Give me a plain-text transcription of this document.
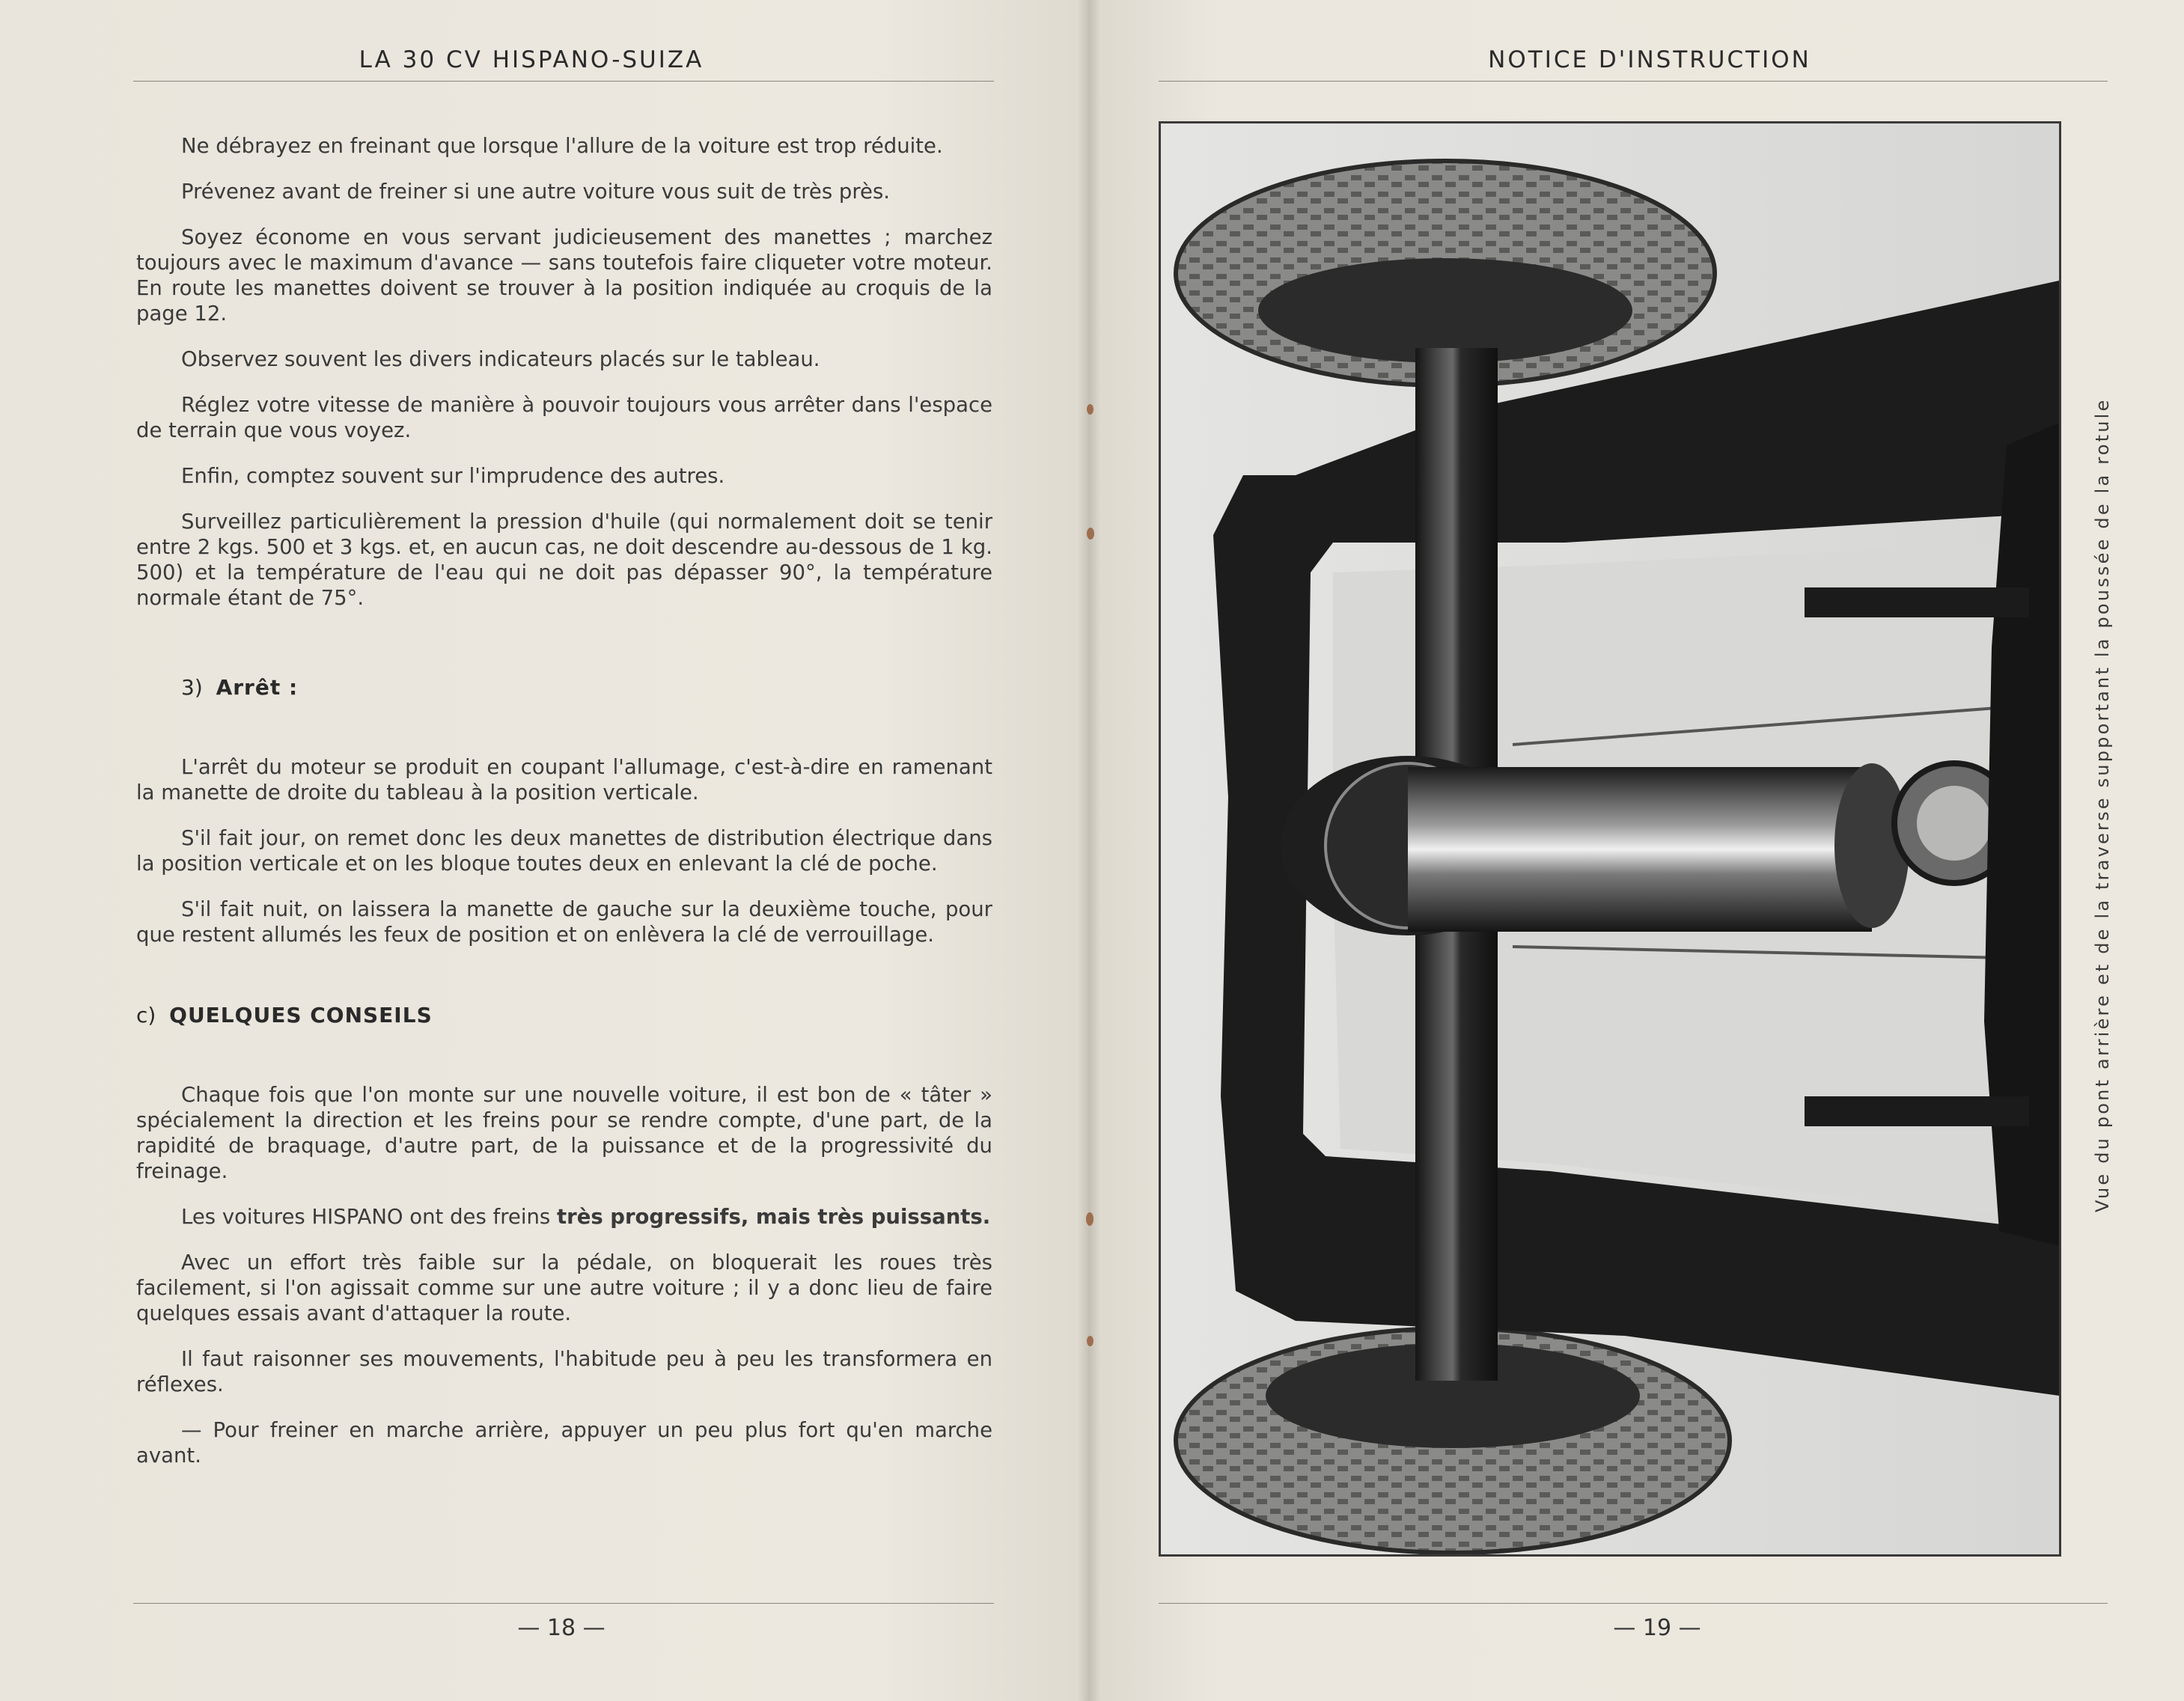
LA 30 CV HISPANO-SUIZA

Ne débrayez en freinant que lorsque l'allure de la voiture est trop réduite.

Prévenez avant de freiner si une autre voiture vous suit de très près.

Soyez économe en vous servant judicieusement des manettes ; marchez toujours avec le maximum d'avance — sans toutefois faire cliqueter votre moteur. En route les manettes doivent se trouver à la position indiquée au croquis de la page 12.

Observez souvent les divers indicateurs placés sur le tableau.

Réglez votre vitesse de manière à pouvoir toujours vous arrêter dans l'espace de terrain que vous voyez.

Enfin, comptez souvent sur l'imprudence des autres.

Surveillez particulièrement la pression d'huile (qui normalement doit se tenir entre 2 kgs. 500 et 3 kgs. et, en aucun cas, ne doit descendre au-dessous de 1 kg. 500) et la température de l'eau qui ne doit pas dépasser 90°, la température normale étant de 75°.

3) Arrêt :

L'arrêt du moteur se produit en coupant l'allumage, c'est-à-dire en ramenant la manette de droite du tableau à la position verticale.

S'il fait jour, on remet donc les deux manettes de distribution électrique dans la position verticale et on les bloque toutes deux en enlevant la clé de poche.

S'il fait nuit, on laissera la manette de gauche sur la deuxième touche, pour que restent allumés les feux de position et on enlèvera la clé de verrouillage.

c) QUELQUES CONSEILS

Chaque fois que l'on monte sur une nouvelle voiture, il est bon de « tâter » spécialement la direction et les freins pour se rendre compte, d'une part, de la rapidité de braquage, d'autre part, de la puissance et de la progressivité du freinage.

Les voitures HISPANO ont des freins très progressifs, mais très puissants.

Avec un effort très faible sur la pédale, on bloquerait les roues très facilement, si l'on agissait comme sur une autre voiture ; il y a donc lieu de faire quelques essais avant d'attaquer la route.

Il faut raisonner ses mouvements, l'habitude peu à peu les transformera en réflexes.

— Pour freiner en marche arrière, appuyer un peu plus fort qu'en marche avant.

— 18 —
NOTICE D'INSTRUCTION
— 19 —
Vue du pont arrière et de la traverse supportant la poussée de la rotule
